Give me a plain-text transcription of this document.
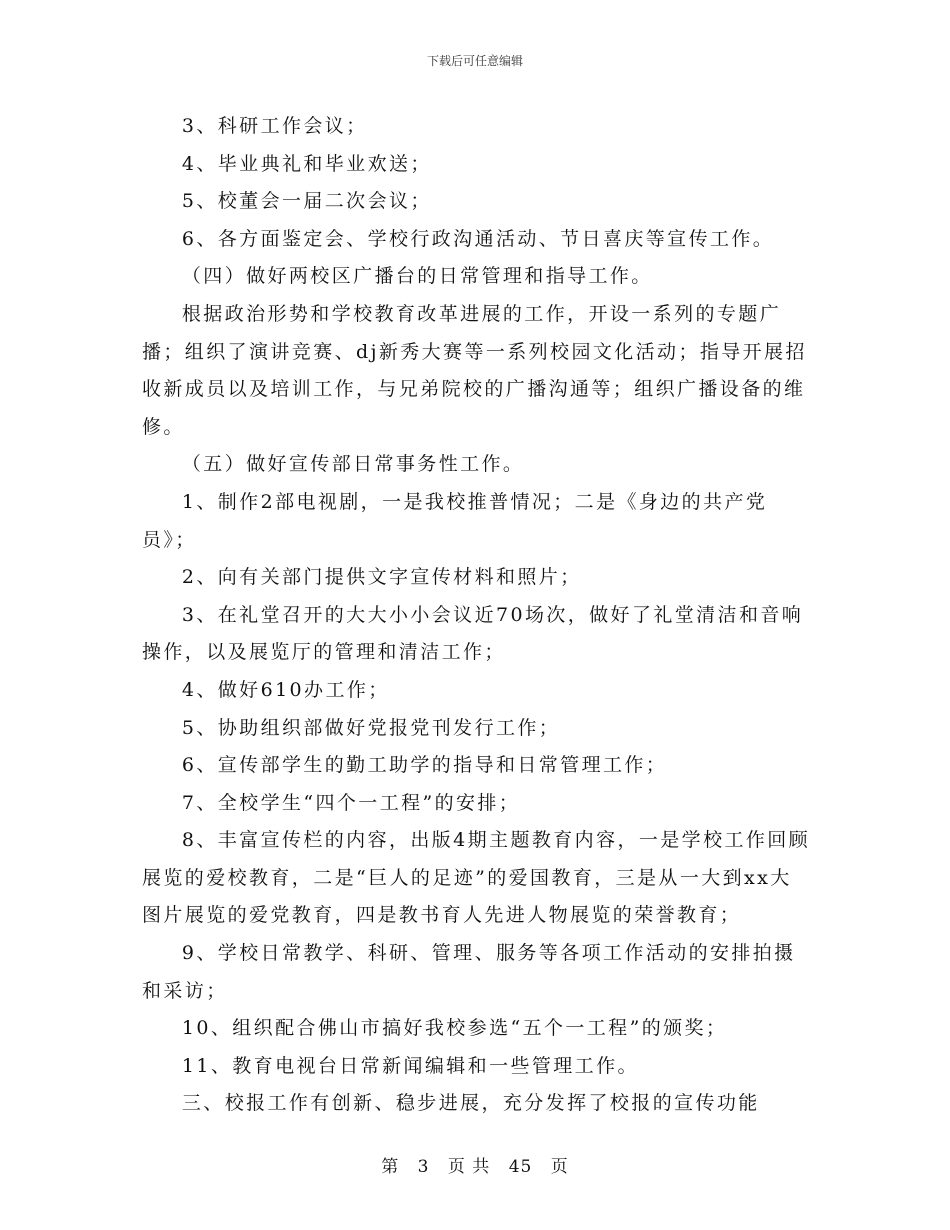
下载后可任意编辑

3、科研工作会议；

4、毕业典礼和毕业欢送；

5、校董会一届二次会议；

6、各方面鉴定会、学校行政沟通活动、节日喜庆等宣传工作。

（四）做好两校区广播台的日常管理和指导工作。

根据政治形势和学校教育改革进展的工作，开设一系列的专题广播；组织了演讲竞赛、dj新秀大赛等一系列校园文化活动；指导开展招收新成员以及培训工作，与兄弟院校的广播沟通等；组织广播设备的维修。

（五）做好宣传部日常事务性工作。

1、制作2部电视剧，一是我校推普情况；二是《身边的共产党员》；

2、向有关部门提供文字宣传材料和照片；

3、在礼堂召开的大大小小会议近70场次，做好了礼堂清洁和音响操作，以及展览厅的管理和清洁工作；

4、做好610办工作；

5、协助组织部做好党报党刊发行工作；

6、宣传部学生的勤工助学的指导和日常管理工作；

7、全校学生“四个一工程”的安排；

8、丰富宣传栏的内容，出版4期主题教育内容，一是学校工作回顾展览的爱校教育，二是“巨人的足迹”的爱国教育，三是从一大到xx大图片展览的爱党教育，四是教书育人先进人物展览的荣誉教育；

9、学校日常教学、科研、管理、服务等各项工作活动的安排拍摄和采访；

10、组织配合佛山市搞好我校参选“五个一工程”的颁奖；

11、教育电视台日常新闻编辑和一些管理工作。

三、校报工作有创新、稳步进展，充分发挥了校报的宣传功能

第 3 页 共 45 页
